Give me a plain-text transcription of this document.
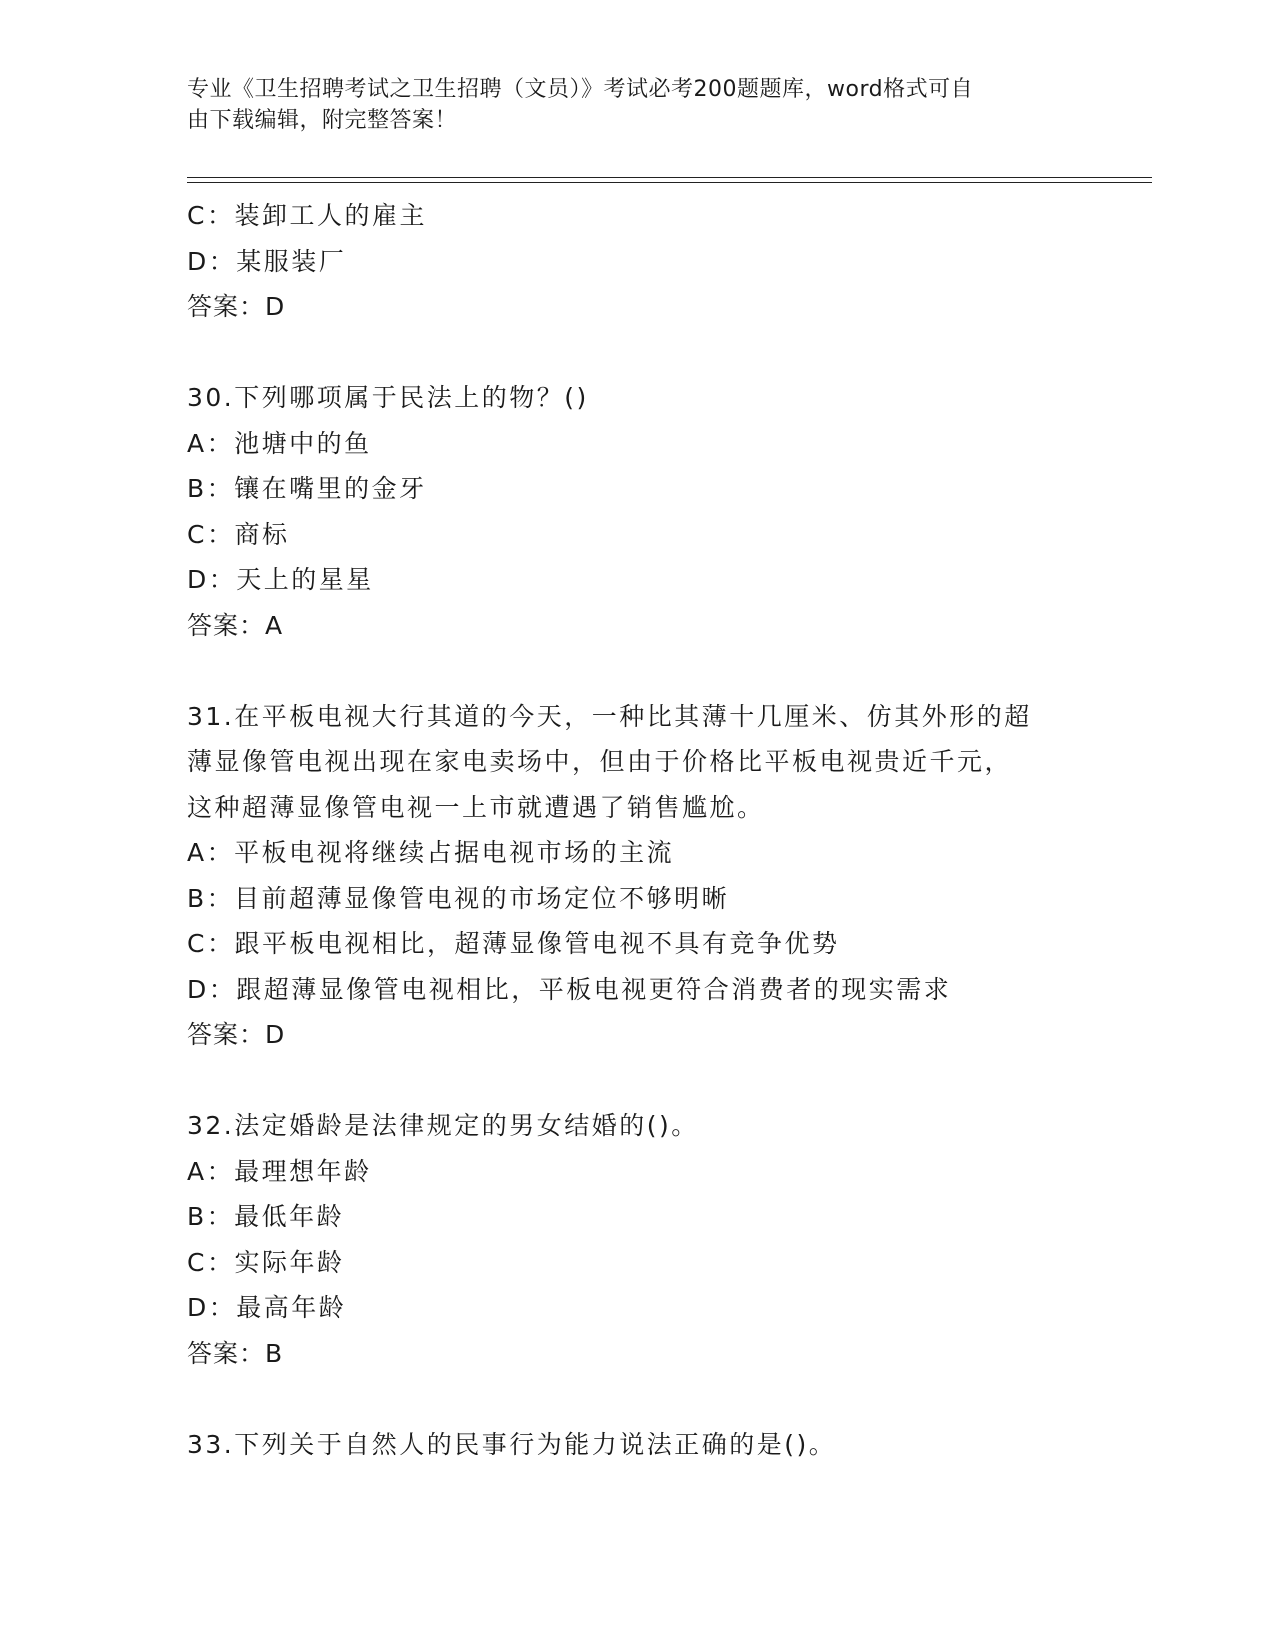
专业《卫生招聘考试之卫生招聘（文员）》考试必考200题题库，word格式可自
由下载编辑，附完整答案！
C：装卸工人的雇主
D：某服装厂
答案：D
30.下列哪项属于民法上的物？()
A：池塘中的鱼
B：镶在嘴里的金牙
C：商标
D：天上的星星
答案：A
31.在平板电视大行其道的今天，一种比其薄十几厘米、仿其外形的超
薄显像管电视出现在家电卖场中，但由于价格比平板电视贵近千元，
这种超薄显像管电视一上市就遭遇了销售尴尬。
A：平板电视将继续占据电视市场的主流
B：目前超薄显像管电视的市场定位不够明晰
C：跟平板电视相比，超薄显像管电视不具有竞争优势
D：跟超薄显像管电视相比，平板电视更符合消费者的现实需求
答案：D
32.法定婚龄是法律规定的男女结婚的()。
A：最理想年龄
B：最低年龄
C：实际年龄
D：最高年龄
答案：B
33.下列关于自然人的民事行为能力说法正确的是()。
